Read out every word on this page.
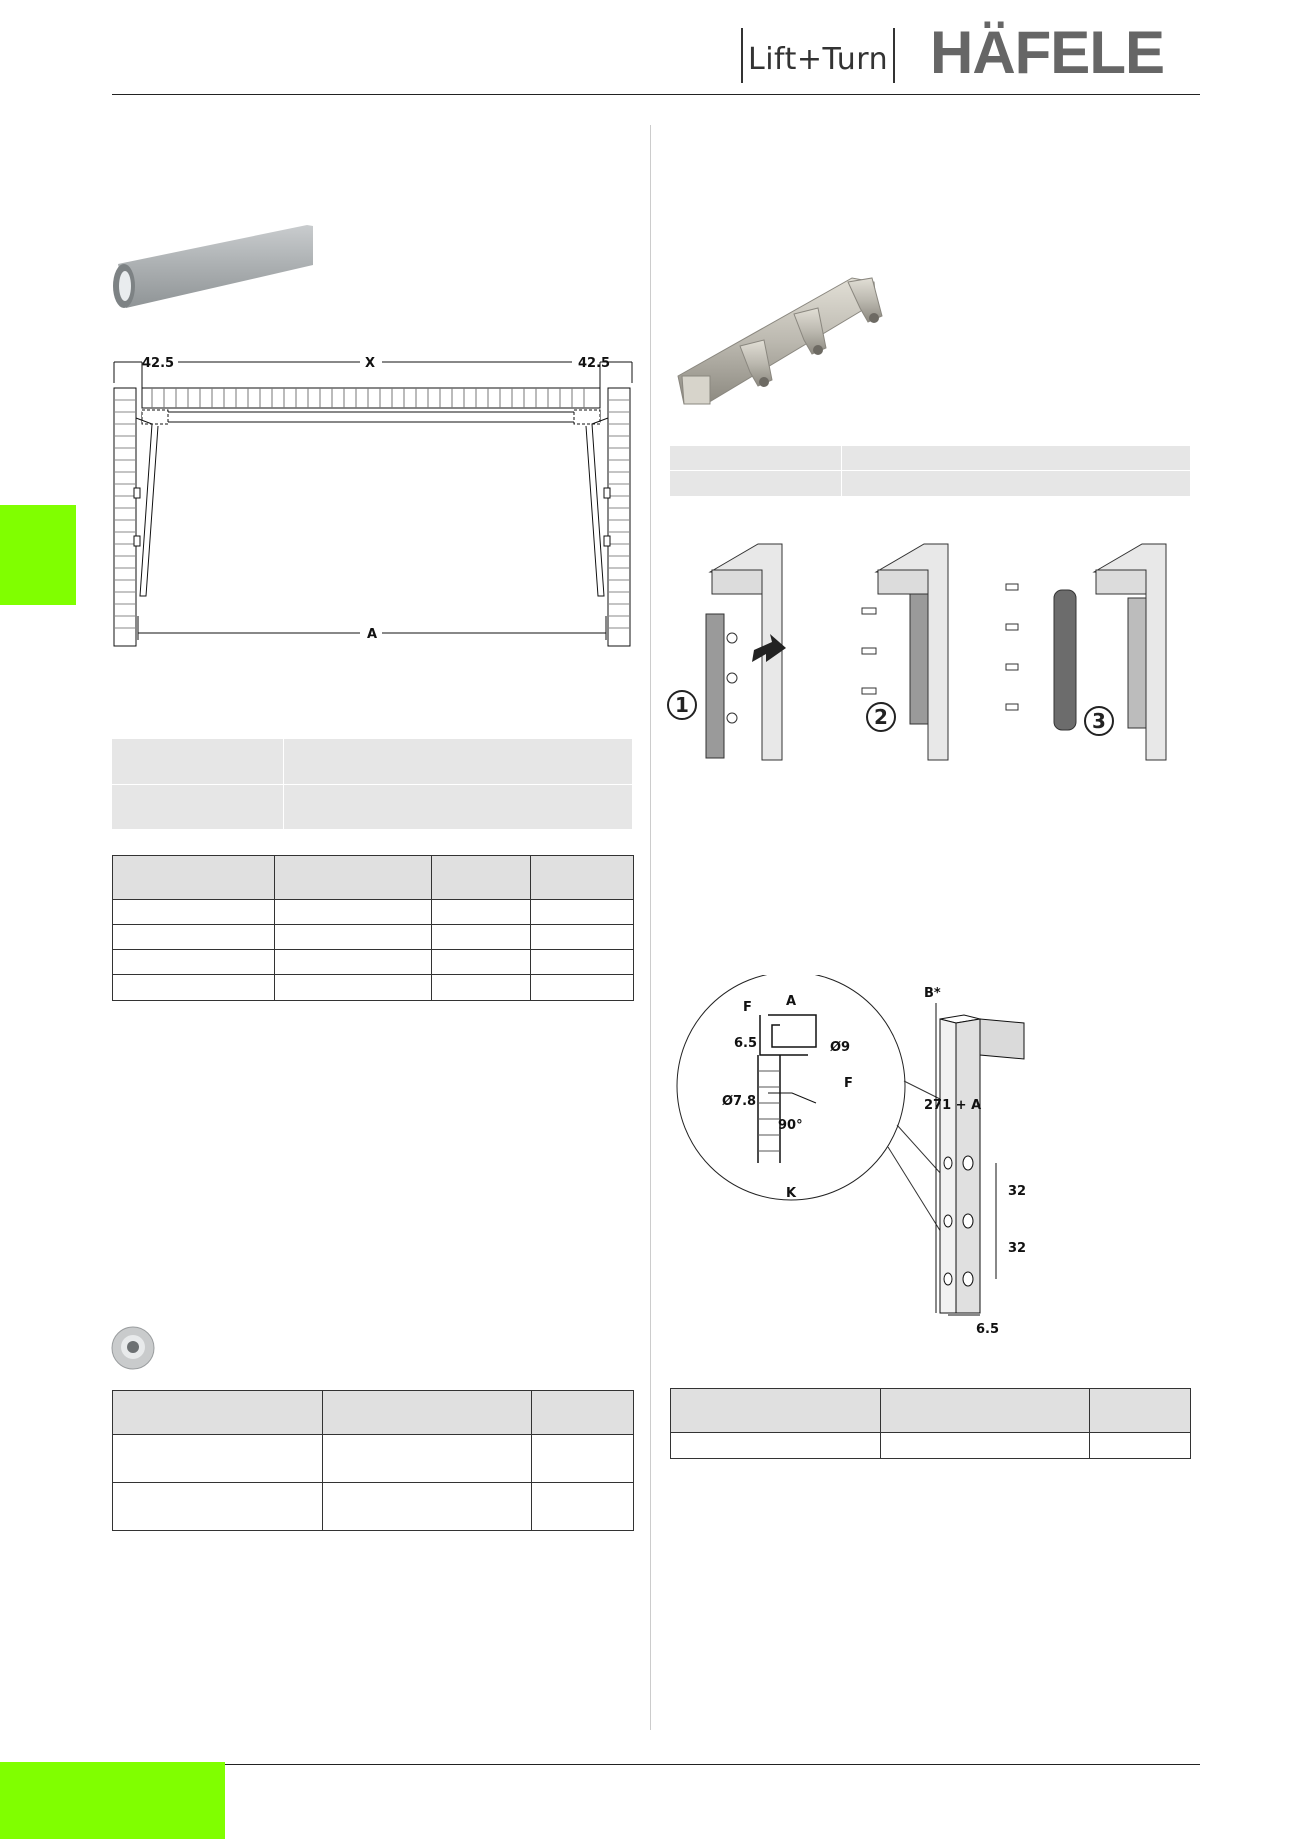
Lift+Turn HÄFELE
42.5	X	42.5
A

1	2	3
F	A
6.5	Ø9
F
Ø7.8
90°
K
B*
271 + A
32
32
6.5
